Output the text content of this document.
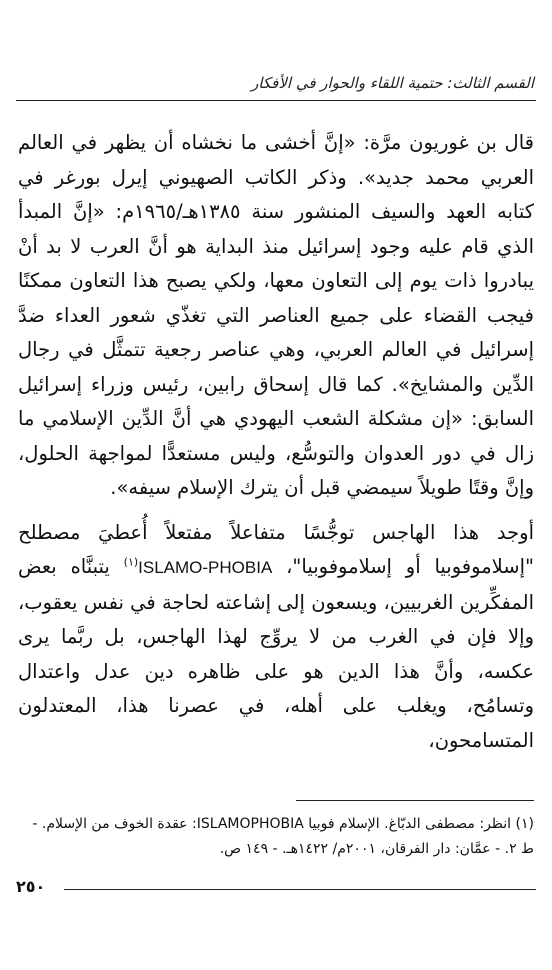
القسم الثالث: حتمية اللقاء والحوار في الأفكار

قال بن غوريون مرَّة: «إنَّ أخشى ما نخشاه أن يظهر في العالم العربي محمد جديد». وذكر الكاتب الصهيوني إيرل بورغر في كتابه العهد والسيف المنشور سنة ١٣٨٥هـ/١٩٦٥م: «إنَّ المبدأ الذي قام عليه وجود إسرائيل منذ البداية هو أنَّ العرب لا بد أنْ يبادروا ذات يوم إلى التعاون معها، ولكي يصبح هذا التعاون ممكنًا فيجب القضاء على جميع العناصر التي تغذّي شعور العداء ضدَّ إسرائيل في العالم العربي، وهي عناصر رجعية تتمثَّل في رجال الدِّين والمشايخ». كما قال إسحاق رابين، رئيس وزراء إسرائيل السابق: «إن مشكلة الشعب اليهودي هي أنَّ الدِّين الإسلامي ما زال في دور العدوان والتوسُّع، وليس مستعدًّا لمواجهة الحلول، وإنَّ وقتًا طويلاً سيمضي قبل أن يترك الإسلام سيفه».

أوجد هذا الهاجس توجُّسًا متفاعلاً مفتعلاً أُعطيَ مصطلح "إسلاموفوبيا أو إسلاموفوبيا"، ISLAMO-PHOBIA$^{(١)}$ يتبنَّاه بعض المفكِّرين الغربيين، ويسعون إلى إشاعته لحاجة في نفس يعقوب، وإلا فإن في الغرب من لا يروِّج لهذا الهاجس، بل ربَّما يرى عكسه، وأنَّ هذا الدين هو على ظاهره دين عدل واعتدال وتسامُح، ويغلب على أهله، في عصرنا هذا، المعتدلون المتسامحون،

(١) انظر: مصطفى الدبّاغ. الإسلام فوبيا ISLAMOPHOBIA: عقدة الخوف من الإسلام. -

ط ٢. - عمَّان: دار الفرقان، ٢٠٠١م/ ١٤٢٢هـ. - ١٤٩ ص.

٢٥٠
